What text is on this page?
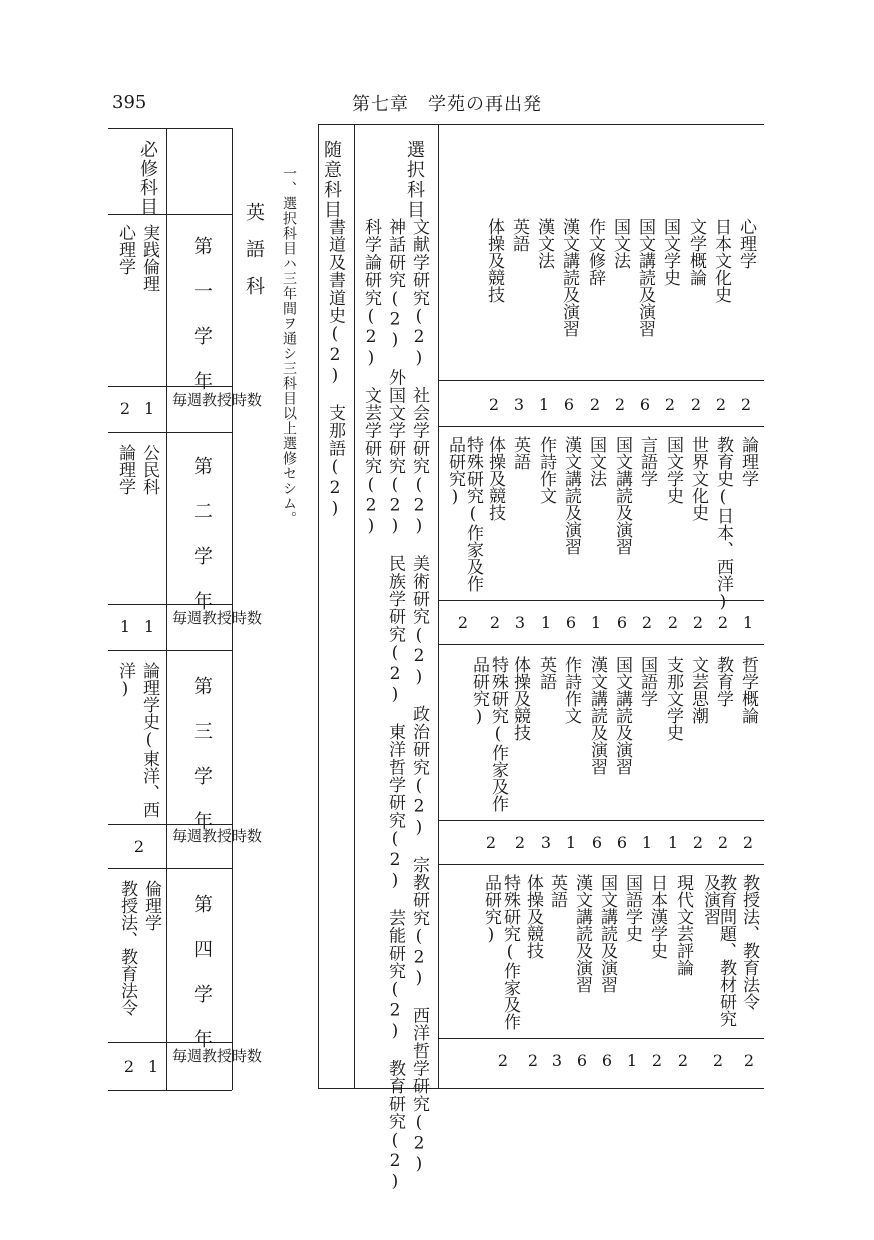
395	第七章　学苑の再出発
随意科目	選択科目
心理学
日本文化史
文学概論
国文学史
国文講読及演習
国文法
作文修辞
漢文講読及演習
漢文法
英語
体操及競技
2
2
2
2
6
2
2
6
1
3
2
論理学
教育史(日本、西洋)
世界文化史
国文学史
言語学
国文講読及演習
国文法
漢文講読及演習
作詩作文
英語
体操及競技
特殊研究(作家及作
品研究)
1
2
2
2
2
6
1
6
1
3
2
2
哲学概論
教育学
文芸思潮
支那文学史
国語学
国文講読及演習
漢文講読及演習
作詩作文
英語
体操及競技
特殊研究(作家及作
品研究)
2
2
2
1
1
6
6
1
3
2
2
教授法、教育法令
教育問題、教材研究
及演習
現代文芸評論
日本漢学史
国語学史
国文講読及演習
漢文講読及演習
英語
体操及競技
特殊研究(作家及作
品研究)
2
2
2
2
1
6
6
3
2
2
文献学研究(2)　社会学研究(2)　美術研究(2)　政治研究(2)　宗教研究(2)　西洋哲学研究(2)
神話研究(2)　外国文学研究(2)　民族学研究(2)　東洋哲学研究(2)　芸能研究(2)　教育研究(2)
科学論研究(2)　文芸学研究(2)
書道及書道史(2)　支那語(2)
一、選択科目ハ三年間ヲ通シ三科目以上選修セシム。
英語科
必修科目
第一学年
第二学年
第三学年
第四学年
毎週教授時数
毎週教授時数
毎週教授時数
毎週教授時数
実践倫理
心理学
1
2
公民科
論理学
1
1
論理学史(東洋、西
洋)
2
倫理学
教授法、教育法令
1
2
